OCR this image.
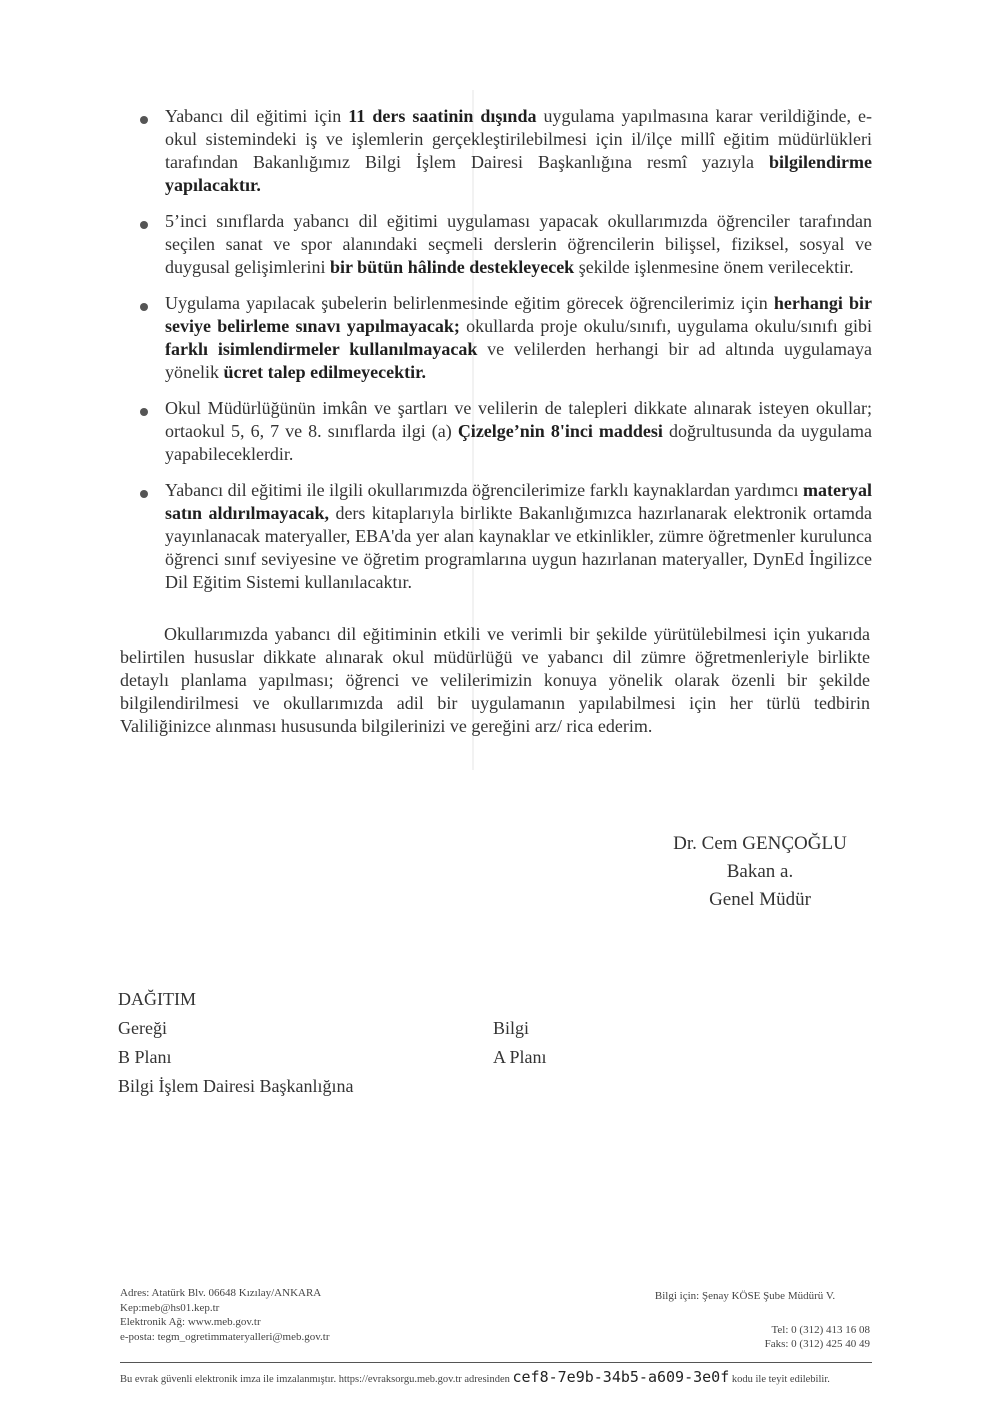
Yabancı dil eğitimi için 11 ders saatinin dışında uygulama yapılmasına karar verildiğinde, e-okul sistemindeki iş ve işlemlerin gerçekleştirilebilmesi için il/ilçe millî eğitim müdürlükleri tarafından Bakanlığımız Bilgi İşlem Dairesi Başkanlığına resmî yazıyla bilgilendirme yapılacaktır.

5’inci sınıflarda yabancı dil eğitimi uygulaması yapacak okullarımızda öğrenciler tarafından seçilen sanat ve spor alanındaki seçmeli derslerin öğrencilerin bilişsel, fiziksel, sosyal ve duygusal gelişimlerini bir bütün hâlinde destekleyecek şekilde işlenmesine önem verilecektir.

Uygulama yapılacak şubelerin belirlenmesinde eğitim görecek öğrencilerimiz için herhangi bir seviye belirleme sınavı yapılmayacak; okullarda proje okulu/sınıfı, uygulama okulu/sınıfı gibi farklı isimlendirmeler kullanılmayacak ve velilerden herhangi bir ad altında uygulamaya yönelik ücret talep edilmeyecektir.

Okul Müdürlüğünün imkân ve şartları ve velilerin de talepleri dikkate alınarak isteyen okullar; ortaokul 5, 6, 7 ve 8. sınıflarda ilgi (a) Çizelge’nin 8'inci maddesi doğrultusunda da uygulama yapabileceklerdir.

Yabancı dil eğitimi ile ilgili okullarımızda öğrencilerimize farklı kaynaklardan yardımcı materyal satın aldırılmayacak, ders kitaplarıyla birlikte Bakanlığımızca hazırlanarak elektronik ortamda yayınlanacak materyaller, EBA'da yer alan kaynaklar ve etkinlikler, zümre öğretmenler kurulunca öğrenci sınıf seviyesine ve öğretim programlarına uygun hazırlanan materyaller, DynEd İngilizce Dil Eğitim Sistemi kullanılacaktır.

Okullarımızda yabancı dil eğitiminin etkili ve verimli bir şekilde yürütülebilmesi için yukarıda belirtilen hususlar dikkate alınarak okul müdürlüğü ve yabancı dil zümre öğretmenleriyle birlikte detaylı planlama yapılması; öğrenci ve velilerimizin konuya yönelik olarak özenli bir şekilde bilgilendirilmesi ve okullarımızda adil bir uygulamanın yapılabilmesi için her türlü tedbirin Valiliğinizce alınması hususunda bilgilerinizi ve gereğini arz/ rica ederim.

Dr. Cem GENÇOĞLU
Bakan a.
Genel Müdür
DAĞITIM
Gereği
B Planı
Bilgi İşlem Dairesi Başkanlığına
Bilgi
A Planı
Adres: Atatürk Blv. 06648 Kızılay/ANKARA
Kep:meb@hs01.kep.tr
Elektronik Ağ: www.meb.gov.tr
e-posta: tegm_ogretimmateryalleri@meb.gov.tr
Bilgi için: Şenay KÖSE Şube Müdürü V.
Tel: 0 (312) 413 16 08
Faks: 0 (312) 425 40 49
Bu evrak güvenli elektronik imza ile imzalanmıştır. https://evraksorgu.meb.gov.tr adresinden cef8-7e9b-34b5-a609-3e0f kodu ile teyit edilebilir.
